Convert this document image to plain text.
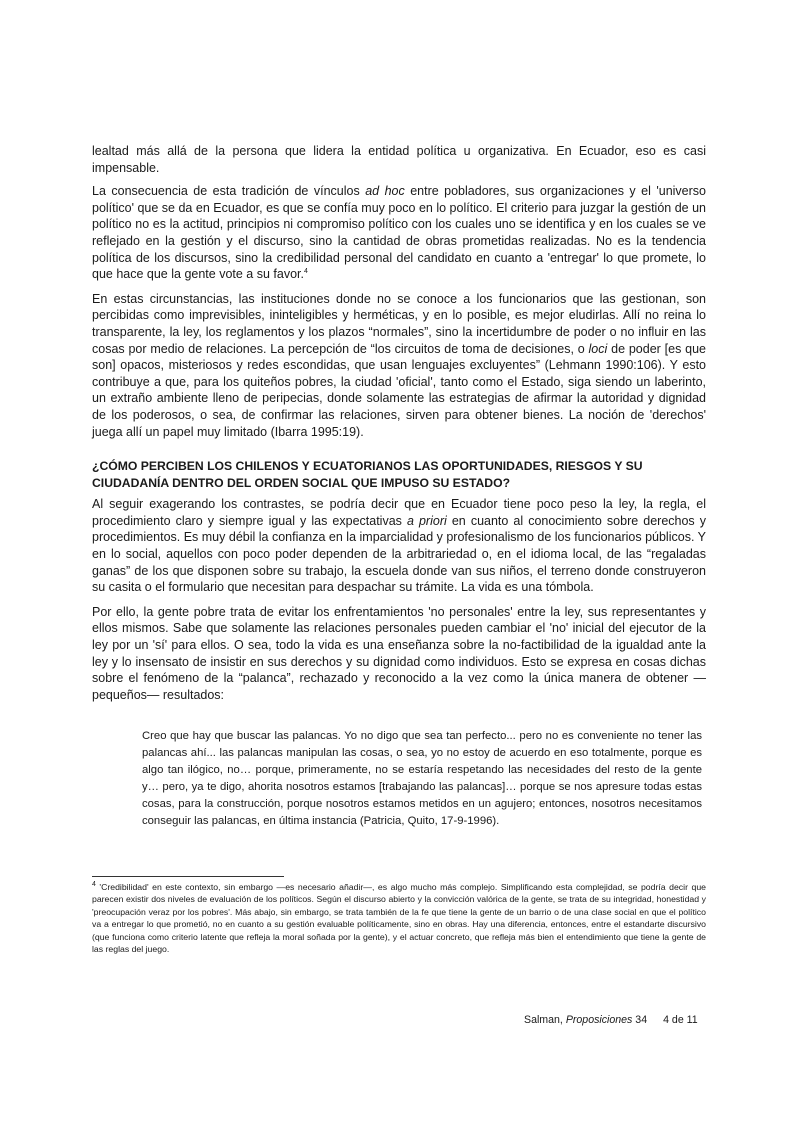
lealtad más allá de la persona que lidera la entidad política u organizativa. En Ecuador, eso es casi impensable.

La consecuencia de esta tradición de vínculos ad hoc entre pobladores, sus organizaciones y el 'universo político' que se da en Ecuador, es que se confía muy poco en lo político. El criterio para juzgar la gestión de un político no es la actitud, principios ni compromiso político con los cuales uno se identifica y en los cuales se ve reflejado en la gestión y el discurso, sino la cantidad de obras prometidas realizadas. No es la tendencia política de los discursos, sino la credibilidad personal del candidato en cuanto a 'entregar' lo que promete, lo que hace que la gente vote a su favor.$^4$

En estas circunstancias, las instituciones donde no se conoce a los funcionarios que las gestionan, son percibidas como imprevisibles, ininteligibles y herméticas, y en lo posible, es mejor eludirlas. Allí no reina lo transparente, la ley, los reglamentos y los plazos “normales”, sino la incertidumbre de poder o no influir en las cosas por medio de relaciones. La percepción de “los circuitos de toma de decisiones, o loci de poder [es que son] opacos, misteriosos y redes escondidas, que usan lenguajes excluyentes” (Lehmann 1990:106). Y esto contribuye a que, para los quiteños pobres, la ciudad 'oficial', tanto como el Estado, siga siendo un laberinto, un extraño ambiente lleno de peripecias, donde solamente las estrategias de afirmar la autoridad y dignidad de los poderosos, o sea, de confirmar las relaciones, sirven para obtener bienes. La noción de 'derechos' juega allí un papel muy limitado (Ibarra 1995:19).

¿CÓMO PERCIBEN LOS CHILENOS Y ECUATORIANOS LAS OPORTUNIDADES, RIESGOS Y SU CIUDADANÍA DENTRO DEL ORDEN SOCIAL QUE IMPUSO SU ESTADO?

Al seguir exagerando los contrastes, se podría decir que en Ecuador tiene poco peso la ley, la regla, el procedimiento claro y siempre igual y las expectativas a priori en cuanto al conocimiento sobre derechos y procedimientos. Es muy débil la confianza en la imparcialidad y profesionalismo de los funcionarios públicos. Y en lo social, aquellos con poco poder dependen de la arbitrariedad o, en el idioma local, de las “regaladas ganas” de los que disponen sobre su trabajo, la escuela donde van sus niños, el terreno donde construyeron su casita o el formulario que necesitan para despachar su trámite. La vida es una tómbola.

Por ello, la gente pobre trata de evitar los enfrentamientos 'no personales' entre la ley, sus representantes y ellos mismos. Sabe que solamente las relaciones personales pueden cambiar el 'no' inicial del ejecutor de la ley por un 'sí' para ellos. O sea, todo la vida es una enseñanza sobre la no-factibilidad de la igualdad ante la ley y lo insensato de insistir en sus derechos y su dignidad como individuos. Esto se expresa en cosas dichas sobre el fenómeno de la “palanca”, rechazado y reconocido a la vez como la única manera de obtener —pequeños— resultados:

Creo que hay que buscar las palancas. Yo no digo que sea tan perfecto... pero no es conveniente no tener las palancas ahí... las palancas manipulan las cosas, o sea, yo no estoy de acuerdo en eso totalmente, porque es algo tan ilógico, no… porque, primeramente, no se estaría respetando las necesidades del resto de la gente y… pero, ya te digo, ahorita nosotros estamos [trabajando las palancas]… porque se nos apresure todas estas cosas, para la construcción, porque nosotros estamos metidos en un agujero; entonces, nosotros necesitamos conseguir las palancas, en última instancia (Patricia, Quito, 17-9-1996).
$^4$ 'Credibilidad' en este contexto, sin embargo —es necesario añadir—, es algo mucho más complejo. Simplificando esta complejidad, se podría decir que parecen existir dos niveles de evaluación de los políticos. Según el discurso abierto y la convicción valórica de la gente, se trata de su integridad, honestidad y 'preocupación veraz por los pobres'. Más abajo, sin embargo, se trata también de la fe que tiene la gente de un barrio o de una clase social en que el político va a entregar lo que prometió, no en cuanto a su gestión evaluable políticamente, sino en obras. Hay una diferencia, entonces, entre el estandarte discursivo (que funciona como criterio latente que refleja la moral soñada por la gente), y el actuar concreto, que refleja más bien el entendimiento que tiene la gente de las reglas del juego.
Salman, Proposiciones 34 4 de 11
